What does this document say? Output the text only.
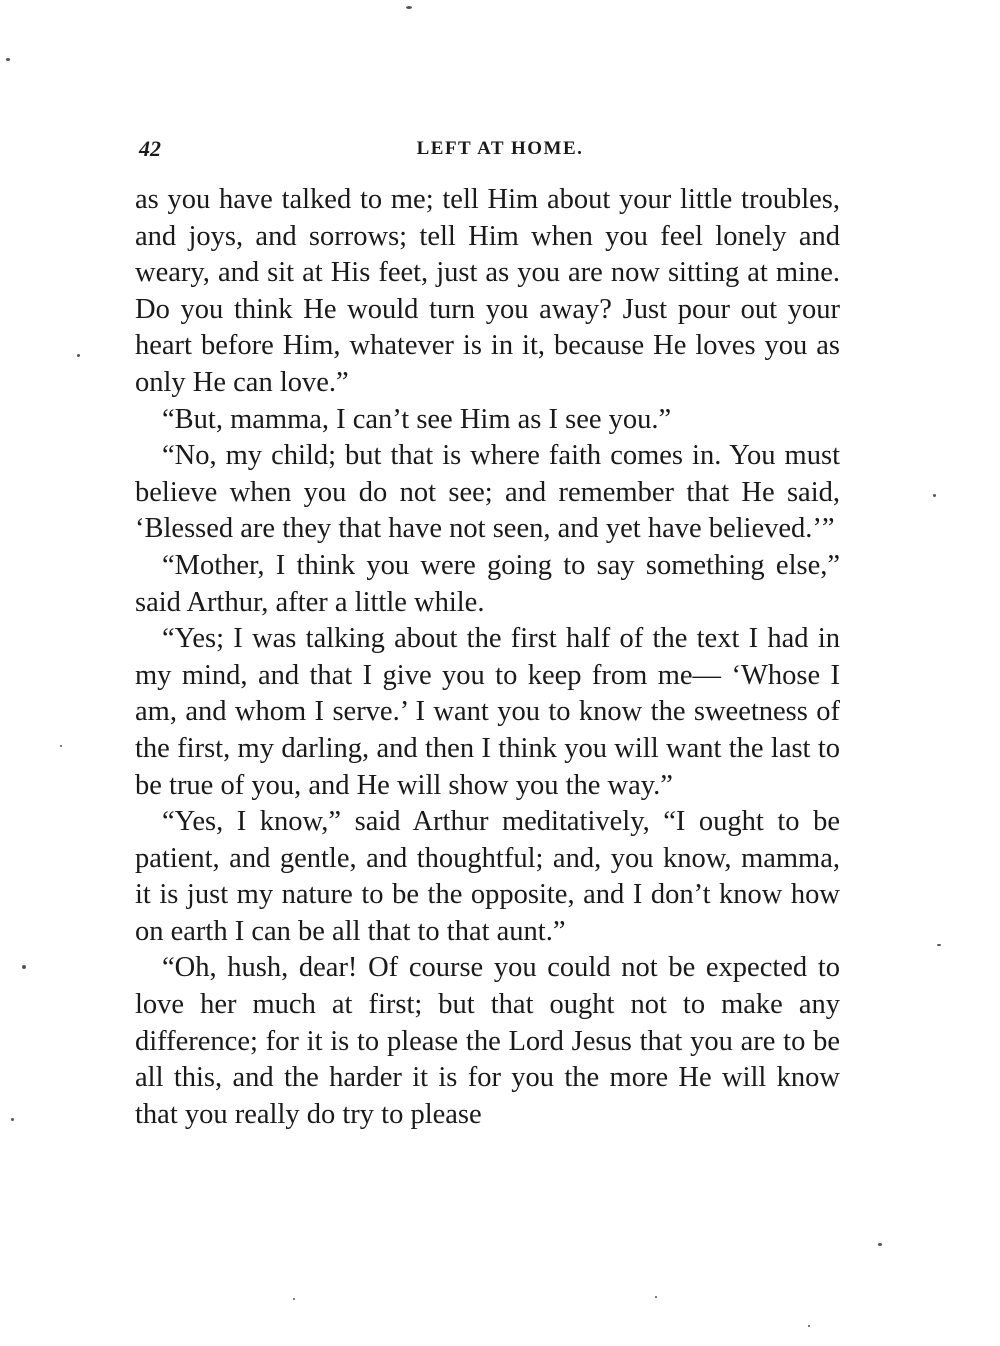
42	LEFT AT HOME.

as you have talked to me; tell Him about your little troubles, and joys, and sorrows; tell Him when you feel lonely and weary, and sit at His feet, just as you are now sitting at mine. Do you think He would turn you away? Just pour out your heart before Him, whatever is in it, because He loves you as only He can love.”

“But, mamma, I can’t see Him as I see you.”

“No, my child; but that is where faith comes in. You must believe when you do not see; and remember that He said, ‘Blessed are they that have not seen, and yet have believed.’”

“Mother, I think you were going to say something else,” said Arthur, after a little while.

“Yes; I was talking about the first half of the text I had in my mind, and that I give you to keep from me— ‘Whose I am, and whom I serve.’ I want you to know the sweetness of the first, my darling, and then I think you will want the last to be true of you, and He will show you the way.”

“Yes, I know,” said Arthur meditatively, “I ought to be patient, and gentle, and thoughtful; and, you know, mamma, it is just my nature to be the opposite, and I don’t know how on earth I can be all that to that aunt.”

“Oh, hush, dear! Of course you could not be expected to love her much at first; but that ought not to make any difference; for it is to please the Lord Jesus that you are to be all this, and the harder it is for you the more He will know that you really do try to please
